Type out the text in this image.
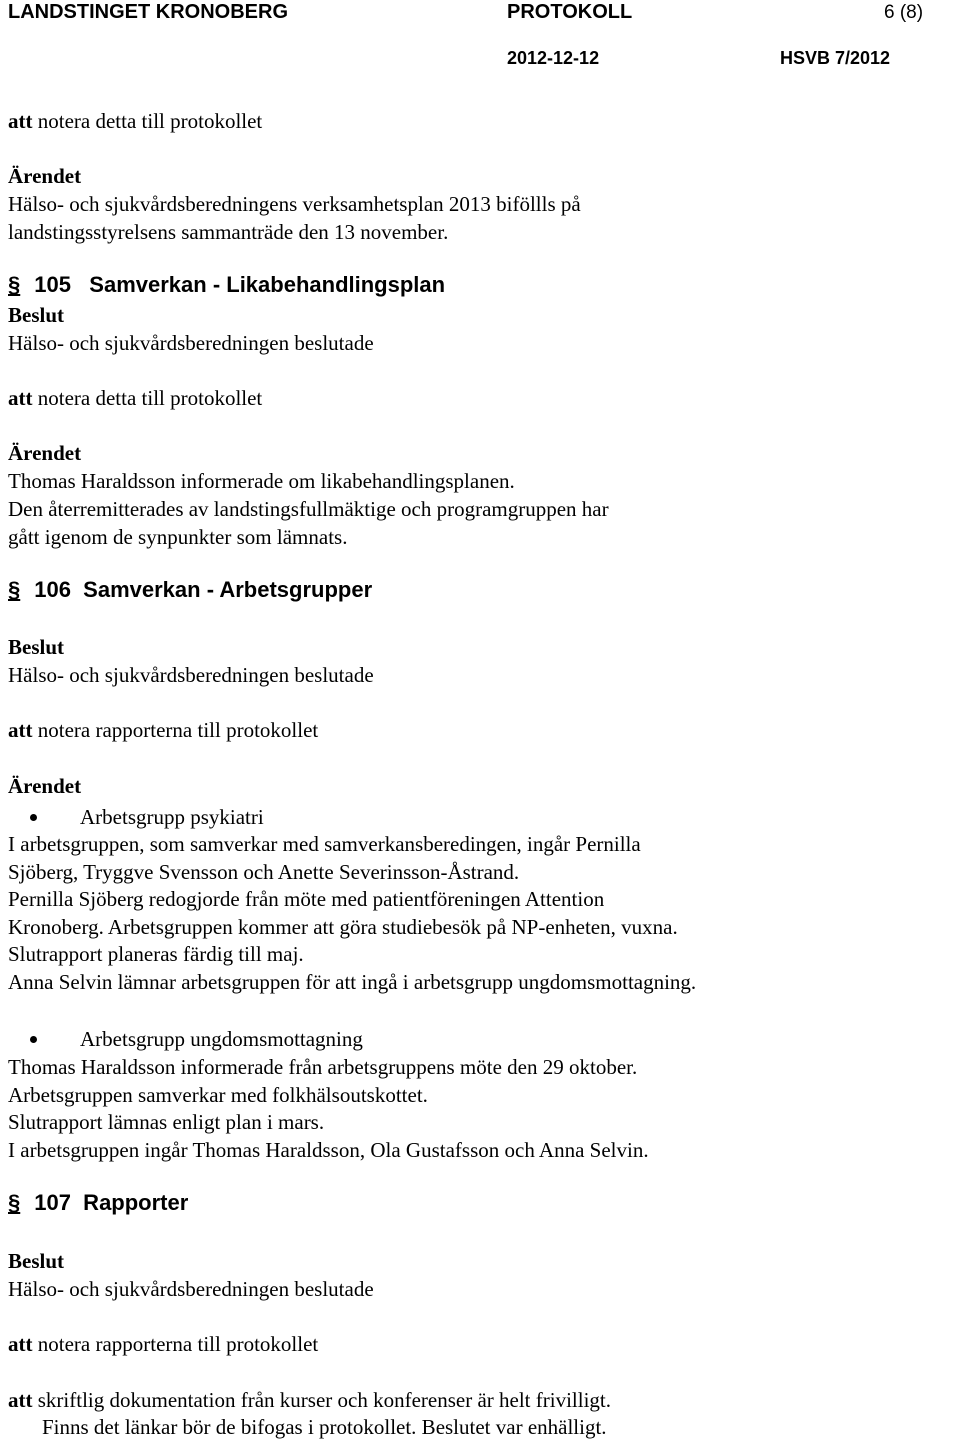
LANDSTINGET KRONOBERG	PROTOKOLL	6 (8)
2012-12-12	HSVB 7/2012
att notera detta till protokollet
Ärendet
Hälso- och sjukvårdsberedningens verksamhetsplan 2013 biföllls på
landstingsstyrelsens sammanträde den 13 november.
§ 105   Samverkan - Likabehandlingsplan
Beslut
Hälso- och sjukvårdsberedningen beslutade
att notera detta till protokollet
Ärendet
Thomas Haraldsson informerade om likabehandlingsplanen.
Den återremitterades av landstingsfullmäktige och programgruppen har
gått igenom de synpunkter som lämnats.
§ 106  Samverkan - Arbetsgrupper
Beslut
Hälso- och sjukvårdsberedningen beslutade
att notera rapporterna till protokollet
Ärendet
Arbetsgrupp psykiatri
I arbetsgruppen, som samverkar med samverkansberedingen, ingår Pernilla
Sjöberg, Tryggve Svensson och Anette Severinsson-Åstrand.
Pernilla Sjöberg redogjorde från möte med patientföreningen Attention
Kronoberg. Arbetsgruppen kommer att göra studiebesök på NP-enheten, vuxna.
Slutrapport planeras färdig till maj.
Anna Selvin lämnar arbetsgruppen för att ingå i arbetsgrupp ungdomsmottagning.
Arbetsgrupp ungdomsmottagning
Thomas Haraldsson informerade från arbetsgruppens möte den 29 oktober.
Arbetsgruppen samverkar med folkhälsoutskottet.
Slutrapport lämnas enligt plan i mars.
I arbetsgruppen ingår Thomas Haraldsson, Ola Gustafsson och Anna Selvin.
§ 107  Rapporter
Beslut
Hälso- och sjukvårdsberedningen beslutade
att notera rapporterna till protokollet
att skriftlig dokumentation från kurser och konferenser är helt frivilligt.
Finns det länkar bör de bifogas i protokollet. Beslutet var enhälligt.
